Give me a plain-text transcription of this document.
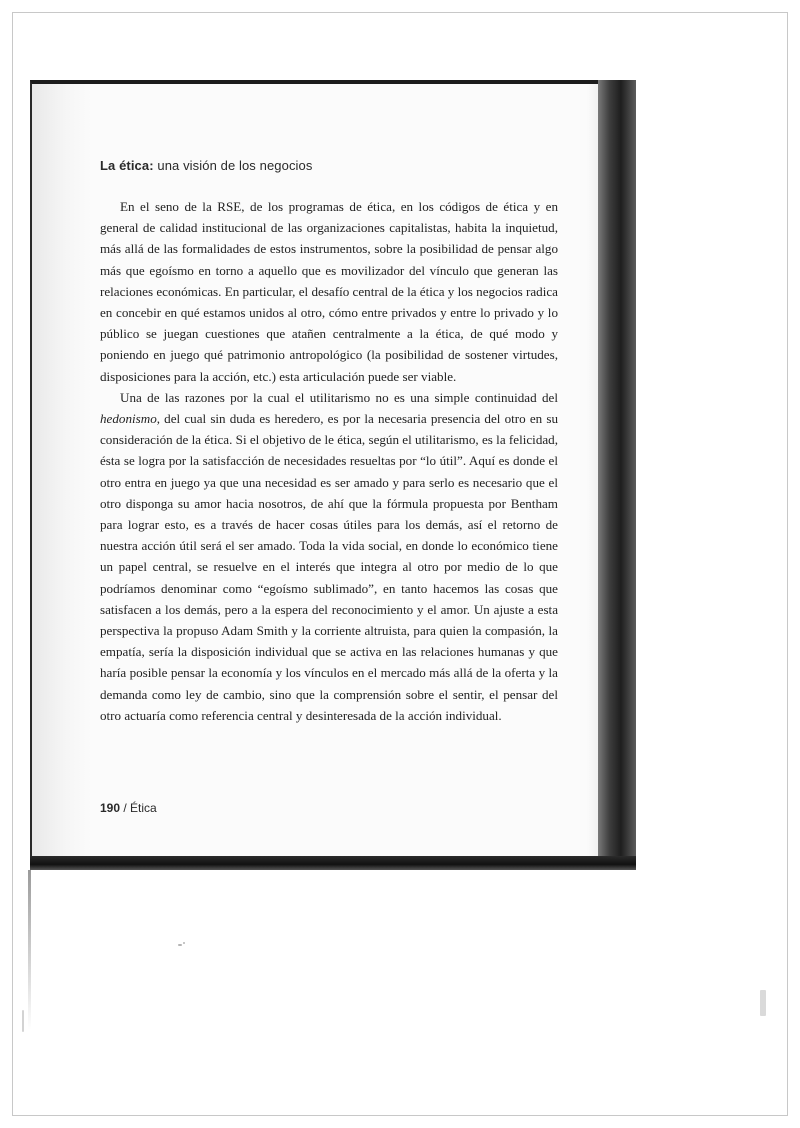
La ética: una visión de los negocios

En el seno de la RSE, de los programas de ética, en los códigos de ética y en general de calidad institucional de las organizaciones capitalistas, habita la inquietud, más allá de las formalidades de estos instrumentos, sobre la posibilidad de pensar algo más que egoísmo en torno a aquello que es movilizador del vínculo que generan las relaciones económicas. En particular, el desafío central de la ética y los negocios radica en concebir en qué estamos unidos al otro, cómo entre privados y entre lo privado y lo público se juegan cuestiones que atañen centralmente a la ética, de qué modo y poniendo en juego qué patrimonio antropológico (la posibilidad de sostener virtudes, disposiciones para la acción, etc.) esta articulación puede ser viable.

Una de las razones por la cual el utilitarismo no es una simple continuidad del hedonismo, del cual sin duda es heredero, es por la necesaria presencia del otro en su consideración de la ética. Si el objetivo de le ética, según el utilitarismo, es la felicidad, ésta se logra por la satisfacción de necesidades resueltas por “lo útil”. Aquí es donde el otro entra en juego ya que una necesidad es ser amado y para serlo es necesario que el otro disponga su amor hacia nosotros, de ahí que la fórmula propuesta por Bentham para lograr esto, es a través de hacer cosas útiles para los demás, así el retorno de nuestra acción útil será el ser amado. Toda la vida social, en donde lo económico tiene un papel central, se resuelve en el interés que integra al otro por medio de lo que podríamos denominar como “egoísmo sublimado”, en tanto hacemos las cosas que satisfacen a los demás, pero a la espera del reconocimiento y el amor. Un ajuste a esta perspectiva la propuso Adam Smith y la corriente altruista, para quien la compasión, la empatía, sería la disposición individual que se activa en las relaciones humanas y que haría posible pensar la economía y los vínculos en el mercado más allá de la oferta y la demanda como ley de cambio, sino que la comprensión sobre el sentir, el pensar del otro actuaría como referencia central y desinteresada de la acción individual.

190 / Ética
